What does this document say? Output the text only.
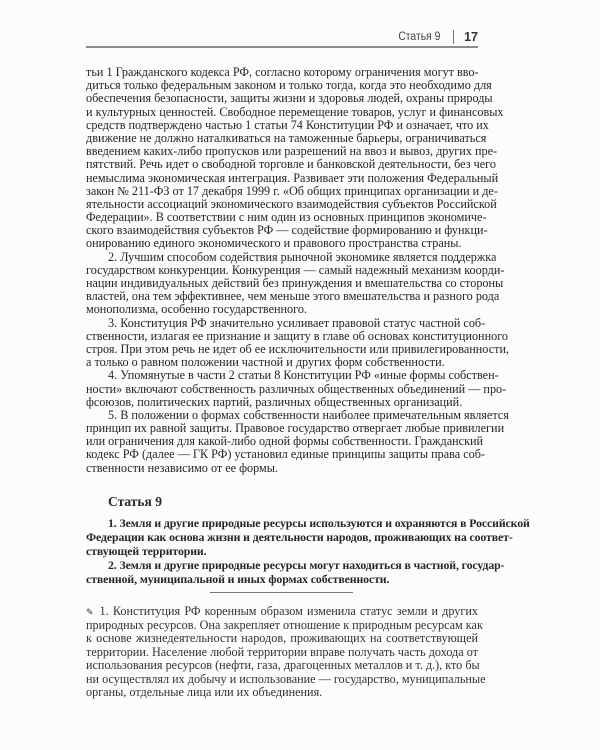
Статья 9 17
тьи 1 Гражданского кодекса РФ, согласно которому ограничения могут вво-
диться только федеральным законом и только тогда, когда это необходимо для
обеспечения безопасности, защиты жизни и здоровья людей, охраны природы
и культурных ценностей. Свободное перемещение товаров, услуг и финансовых
средств подтверждено частью 1 статьи 74 Конституции РФ и означает, что их
движение не должно наталкиваться на таможенные барьеры, ограничиваться
введением каких-либо пропусков или разрешений на ввоз и вывоз, других пре-
пятствий. Речь идет о свободной торговле и банковской деятельности, без чего
немыслима экономическая интеграция. Развивает эти положения Федеральный
закон № 211-ФЗ от 17 декабря 1999 г. «Об общих принципах организации и де-
ятельности ассоциаций экономического взаимодействия субъектов Российской
Федерации». В соответствии с ним один из основных принципов экономиче-
ского взаимодействия субъектов РФ — содействие формированию и функци-
онированию единого экономического и правового пространства страны.
2. Лучшим способом содействия рыночной экономике является поддержка
государством конкуренции. Конкуренция — самый надежный механизм коорди-
нации индивидуальных действий без принуждения и вмешательства со стороны
властей, она тем эффективнее, чем меньше этого вмешательства и разного рода
монополизма, особенно государственного.
3. Конституция РФ значительно усиливает правовой статус частной соб-
ственности, излагая ее признание и защиту в главе об основах конституционного
строя. При этом речь не идет об ее исключительности или привилегированности,
а только о равном положении частной и других форм собственности.
4. Упомянутые в части 2 статьи 8 Конституции РФ «иные формы собствен-
ности» включают собственность различных общественных объединений — про-
фсоюзов, политических партий, различных общественных организаций.
5. В положении о формах собственности наиболее примечательным является
принцип их равной защиты. Правовое государство отвергает любые привилегии
или ограничения для какой-либо одной формы собственности. Гражданский
кодекс РФ (далее — ГК РФ) установил единые принципы защиты права соб-
ственности независимо от ее формы.
Статья 9
1. Земля и другие природные ресурсы используются и охраняются в Российской
Федерации как основа жизни и деятельности народов, проживающих на соответ-
ствующей территории.
2. Земля и другие природные ресурсы могут находиться в частной, государ-
ственной, муниципальной и иных формах собственности.
✎ 1. Конституция РФ коренным образом изменила статус земли и других
природных ресурсов. Она закрепляет отношение к природным ресурсам как
к основе жизнедеятельности народов, проживающих на соответствующей
территории. Население любой территории вправе получать часть дохода от
использования ресурсов (нефти, газа, драгоценных металлов и т. д.), кто бы
ни осуществлял их добычу и использование — государство, муниципальные
органы, отдельные лица или их объединения.
